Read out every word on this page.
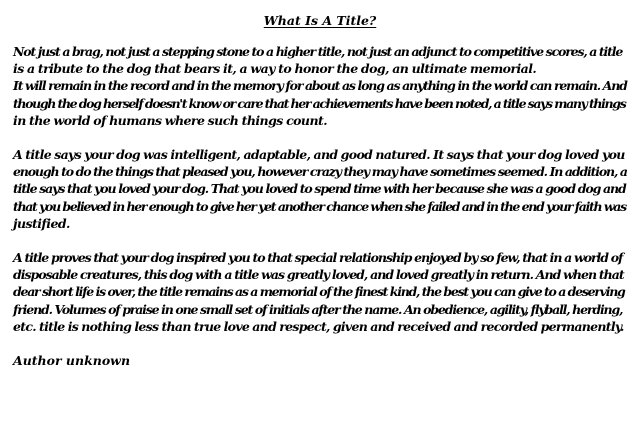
What Is A Title?
Not just a brag, not just a stepping stone to a higher title, not just an adjunct to competitive scores, a title
is a tribute to the dog that bears it, a way to honor the dog, an ultimate memorial.
It will remain in the record and in the memory for about as long as anything in the world can remain. And
though the dog herself doesn't know or care that her achievements have been noted, a title says many things
in the world of humans where such things count.
A title says your dog was intelligent, adaptable, and good natured. It says that your dog loved you
enough to do the things that pleased you, however crazy they may have sometimes seemed. In addition, a
title says that you loved your dog. That you loved to spend time with her because she was a good dog and
that you believed in her enough to give her yet another chance when she failed and in the end your faith was
justified.
A title proves that your dog inspired you to that special relationship enjoyed by so few, that in a world of
disposable creatures, this dog with a title was greatly loved, and loved greatly in return. And when that
dear short life is over, the title remains as a memorial of the finest kind, the best you can give to a deserving
friend. Volumes of praise in one small set of initials after the name. An obedience, agility, flyball, herding,
etc. title is nothing less than true love and respect, given and received and recorded permanently.
Author unknown
